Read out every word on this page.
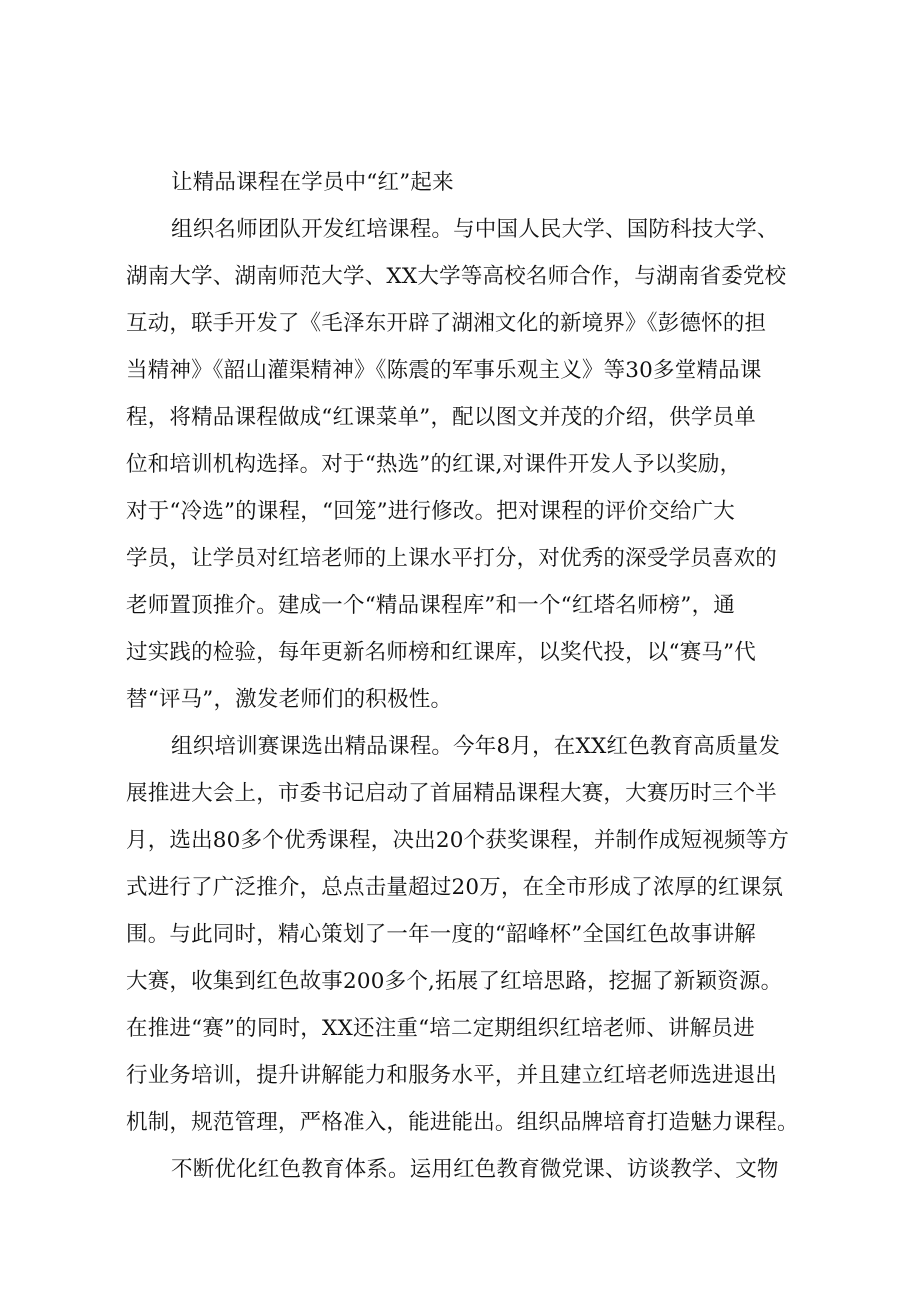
让精品课程在学员中“红”起来
组织名师团队开发红培课程。与中国人民大学、国防科技大学、
湖南大学、湖南师范大学、XX大学等高校名师合作，与湖南省委党校
互动，联手开发了《毛泽东开辟了湖湘文化的新境界》《彭德怀的担
当精神》《韶山灌渠精神》《陈震的军事乐观主义》等30多堂精品课
程，将精品课程做成“红课菜单”，配以图文并茂的介绍，供学员单
位和培训机构选择。对于“热选”的红课,对课件开发人予以奖励，
对于“冷选”的课程，“回笼”进行修改。把对课程的评价交给广大
学员，让学员对红培老师的上课水平打分，对优秀的深受学员喜欢的
老师置顶推介。建成一个“精品课程库”和一个“红塔名师榜”，通
过实践的检验，每年更新名师榜和红课库，以奖代投，以“赛马”代
替“评马”，激发老师们的积极性。
组织培训赛课选出精品课程。今年8月，在XX红色教育高质量发
展推进大会上，市委书记启动了首届精品课程大赛，大赛历时三个半
月，选出80多个优秀课程，决出20个获奖课程，并制作成短视频等方
式进行了广泛推介，总点击量超过20万，在全市形成了浓厚的红课氛
围。与此同时，精心策划了一年一度的“韶峰杯”全国红色故事讲解
大赛，收集到红色故事200多个,拓展了红培思路，挖掘了新颖资源。
在推进“赛”的同时，XX还注重“培二定期组织红培老师、讲解员进
行业务培训，提升讲解能力和服务水平，并且建立红培老师选进退出
机制，规范管理，严格准入，能进能出。组织品牌培育打造魅力课程。
不断优化红色教育体系。运用红色教育微党课、访谈教学、文物
